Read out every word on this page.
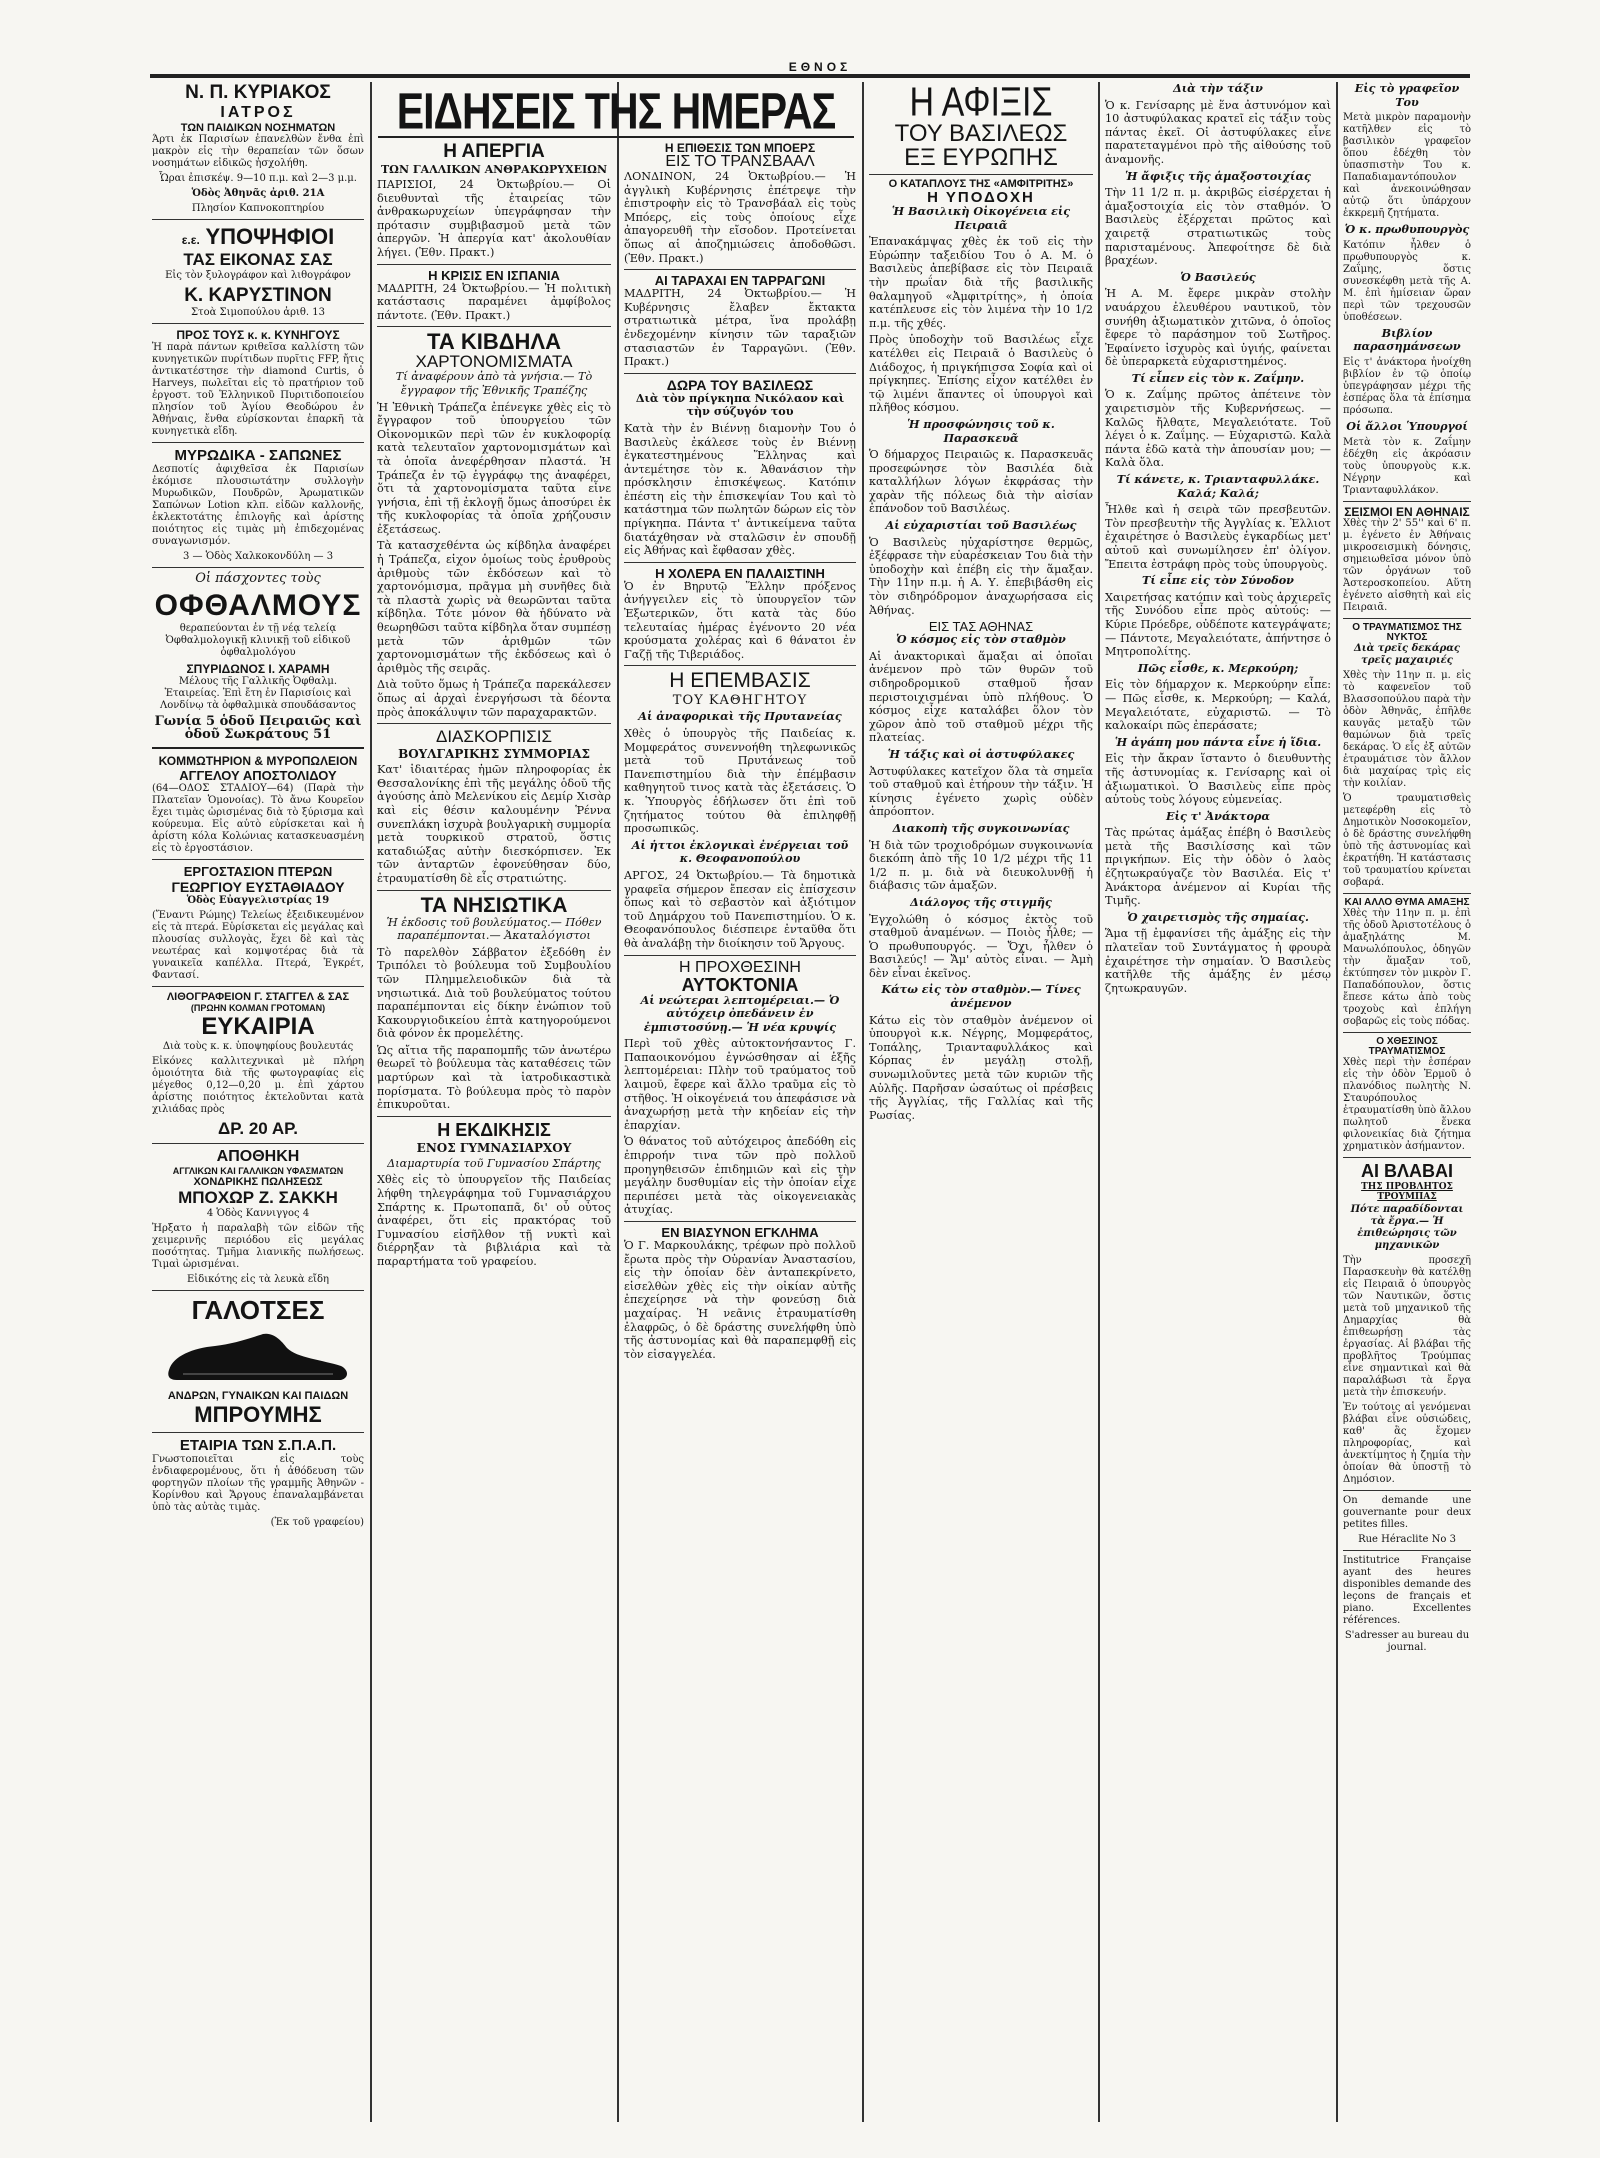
ΕΘΝΟΣ
Ν. Π. ΚΥΡΙΑΚΟΣ
ΙΑΤΡΟΣ
ΤΩΝ ΠΑΙΔΙΚΩΝ ΝΟΣΗΜΑΤΩΝ

Άρτι ἐκ Παρισίων ἐπανελθὼν ἔνθα ἐπὶ μακρὸν εἰς τὴν θεραπείαν τῶν ὅσων νοσημάτων εἰδικῶς ἠσχολήθη.

Ὧραι ἐπισκέψ. 9—10 π.μ. καὶ 2—3 μ.μ.

Ὁδὸς Ἀθηνᾶς ἀριθ. 21Α

Πλησίον Καπνοκοπτηρίου

ε.ε. ΥΠΟΨΗΦΙΟΙ
ΤΑΣ ΕΙΚΟΝΑΣ ΣΑΣ

Εἰς τὸν ξυλογράφον καὶ λιθογράφον

Κ. ΚΑΡΥΣΤΙΝΟΝ

Στοὰ Σιμοπούλου ἀριθ. 13

ΠΡΟΣ ΤΟΥΣ κ. κ. ΚΥΝΗΓΟΥΣ

Ἡ παρὰ πάντων κριθεῖσα καλλίστη τῶν κυνηγετικῶν πυρίτιδων πυρῖτις FFP, ἤτις ἀντικατέστησε τὴν diamond Curtis, ὁ Harveys, πωλεῖται εἰς τὸ πρατήριον τοῦ ἐργοστ. τοῦ Ἑλληνικοῦ Πυριτιδοποιείου πλησίον τοῦ Ἁγίου Θεοδώρου ἐν Ἀθήναις, ἔνθα εὑρίσκονται ἐπαρκῆ τὰ κυνηγετικὰ εἴδη.

ΜΥΡΩΔΙΚΑ - ΣΑΠΩΝΕΣ

Δεσποτίς ἀφιχθεῖσα ἐκ Παρισίων ἐκόμισε πλουσιωτάτην συλλογὴν Μυρωδικῶν, Πουδρῶν, Ἀρωματικῶν Σαπώνων Lotion κλπ. εἰδῶν καλλονῆς, ἐκλεκτοτάτης ἐπιλογῆς καὶ ἀρίστης ποιότητος εἰς τιμὰς μὴ ἐπιδεχομένας συναγωνισμόν.

3 — Ὁδὸς Χαλκοκονδύλη — 3

Οἱ πάσχοντες τοὺς

ΟΦΘΑΛΜΟΥΣ

θεραπεύονται ἐν τῇ νέᾳ τελείᾳ Ὀφθαλμολογικῇ κλινικῇ τοῦ εἰδικοῦ ὀφθαλμολόγου

ΣΠΥΡΙΔΩΝΟΣ Ι. ΧΑΡΑΜΗ

Μέλους τῆς Γαλλικῆς Ὀφθαλμ. Ἑταιρείας. Ἐπὶ ἔτη ἐν Παρισίοις καὶ Λονδίνῳ τὰ ὀφθαλμικὰ σπουδάσαντος

Γωνία 5 ὁδοῦ Πειραιῶς καὶ ὁδοῦ Σωκράτους 51

ΚΟΜΜΩΤΗΡΙΟΝ & ΜΥΡΟΠΩΛΕΙΟΝ
ΑΓΓΕΛΟΥ ΑΠΟΣΤΟΛΙΔΟΥ

(64—ΟΔΟΣ ΣΤΑΔΙΟΥ—64) (Παρὰ τὴν Πλατεῖαν Ὁμονοίας). Τὸ ἄνω Κουρεῖον ἔχει τιμὰς ὡρισμένας διὰ τὸ ξύρισμα καὶ κούρευμα. Εἰς αὐτὸ εὑρίσκεται καὶ ἡ ἀρίστη κόλα Κολώνιας κατασκευασμένη εἰς τὸ ἐργοστάσιον.

ΕΡΓΟΣΤΑΣΙΟΝ ΠΤΕΡΩΝ
ΓΕΩΡΓΙΟΥ ΕΥΣΤΑΘΙΑΔΟΥ

Ὁδὸς Εὐαγγελιστρίας 19

(Ἔναντι Ρώμης) Τελείως ἐξειδικευμένον εἰς τὰ πτερά. Εὑρίσκεται εἰς μεγάλας καὶ πλουσίας συλλογὰς, ἔχει δὲ καὶ τὰς νεωτέρας καὶ κομψοτέρας διὰ τὰ γυναικεῖα καπέλλα. Πτερά, Ἐγκρέτ, Φαντασί.

ΛΙΘΟΓΡΑΦΕΙΟΝ Γ. ΣΤΑΓΓΕΛ & ΣΑΣ
(ΠΡΩΗΝ ΚΟΛΜΑΝ ΓΡΟΤΟΜΑΝ)
ΕΥΚΑΙΡΙΑ

Διὰ τοὺς κ. κ. ὑποψηφίους βουλευτάς

Εἰκόνες καλλιτεχνικαὶ μὲ πλήρη ὁμοιότητα διὰ τῆς φωτογραφίας εἰς μέγεθος 0,12—0,20 μ. ἐπὶ χάρτου ἀρίστης ποιότητος ἐκτελοῦνται κατὰ χιλιάδας πρὸς

ΔΡ. 20 ΑΡ.
ΑΠΟΘΗΚΗ
ΑΓΓΛΙΚΩΝ ΚΑΙ ΓΑΛΛΙΚΩΝ ΥΦΑΣΜΑΤΩΝ
ΧΟΝΔΡΙΚΗΣ ΠΩΛΗΣΕΩΣ
ΜΠΟΧΩΡ Ζ. ΣΑΚΚΗ

4 Ὁδὸς Καννιγγος 4

Ἠρξατο ἡ παραλαβὴ τῶν εἰδῶν τῆς χειμερινῆς περιόδου εἰς μεγάλας ποσότητας. Τμῆμα λιανικῆς πωλήσεως. Τιμαὶ ὡρισμέναι.

Εἰδικότης εἰς τὰ λευκὰ εἴδη

ΓΑΛΟΤΣΕΣ
ΑΝΔΡΩΝ, ΓΥΝΑΙΚΩΝ ΚΑΙ ΠΑΙΔΩΝ
ΜΠΡΟΥΜΗΣ
ΕΤΑΙΡΙΑ ΤΩΝ Σ.Π.Α.Π.

Γνωστοποιεῖται εἰς τοὺς ἐνδιαφερομένους, ὅτι ἡ ἀθόδευση τῶν φορτηγῶν πλοίων τῆς γραμμῆς Ἀθηνῶν - Κορίνθου καὶ Ἄργους ἐπαναλαμβάνεται ὑπὸ τὰς αὐτὰς τιμὰς.

(Ἐκ τοῦ γραφείου)

ΕΙΔΗΣΕΙΣ ΤΗΣ ΗΜΕΡΑΣ
Η ΑΠΕΡΓΙΑ
ΤΩΝ ΓΑΛΛΙΚΩΝ ΑΝΘΡΑΚΩΡΥΧΕΙΩΝ

ΠΑΡΙΣΙΟΙ, 24 Ὀκτωβρίου.— Οἱ διευθυνταὶ τῆς ἐταιρείας τῶν ἀνθρακωρυχείων ὑπεγράφησαν τὴν πρότασιν συμβιβασμοῦ μετὰ τῶν ἀπεργῶν. Ἡ ἀπεργία κατ' ἀκολουθίαν λήγει. (Ἐθν. Πρακτ.)

Η ΚΡΙΣΙΣ ΕΝ ΙΣΠΑΝΙΑ

ΜΑΔΡΙΤΗ, 24 Ὀκτωβρίου.— Ἡ πολιτικὴ κατάστασις παραμένει ἀμφίβολος πάντοτε. (Ἐθν. Πρακτ.)

ΤΑ ΚΙΒΔΗΛΑ
ΧΑΡΤΟΝΟΜΙΣΜΑΤΑ

Τί ἀναφέρουν ἀπὸ τὰ γνήσια.— Τὸ ἔγγραφον τῆς Ἐθνικῆς Τραπέζης

Ἡ Ἐθνικὴ Τράπεζα ἐπένεγκε χθὲς εἰς τὸ ἔγγραφον τοῦ ὑπουργείου τῶν Οἰκονομικῶν περὶ τῶν ἐν κυκλοφορίᾳ κατὰ τελευταῖον χαρτονομισμάτων καὶ τὰ ὁποῖα ἀνεφέρθησαν πλαστά. Ἡ Τράπεζα ἐν τῷ ἐγγράφῳ της ἀναφέρει, ὅτι τὰ χαρτονομίσματα ταῦτα εἶνε γνήσια, ἐπὶ τῇ ἐκλογῇ ὅμως ἀποσύρει ἐκ τῆς κυκλοφορίας τὰ ὁποῖα χρήζουσιν ἐξετάσεως.

Τὰ κατασχεθέντα ὡς κίβδηλα ἀναφέρει ἡ Τράπεζα, εἰχον ὁμοίως τοὺς ἐρυθροὺς ἀριθμοὺς τῶν ἐκδόσεων καὶ τὸ χαρτονόμισμα, πρᾶγμα μὴ συνῆθες διὰ τὰ πλαστὰ χωρὶς νὰ θεωρῶνται ταῦτα κίβδηλα. Τότε μόνον θὰ ἠδύνατο νὰ θεωρηθῶσι ταῦτα κίβδηλα ὅταν συμπέσῃ μετὰ τῶν ἀριθμῶν τῶν χαρτονομισμάτων τῆς ἐκδόσεως καὶ ὁ ἀριθμὸς τῆς σειρᾶς.

Διὰ τοῦτο ὅμως ἡ Τράπεζα παρεκάλεσεν ὅπως αἱ ἀρχαὶ ἐνεργήσωσι τὰ δέοντα πρὸς ἀποκάλυψιν τῶν παραχαρακτῶν.

ΔΙΑΣΚΟΡΠΙΣΙΣ
ΒΟΥΛΓΑΡΙΚΗΣ ΣΥΜΜΟΡΙΑΣ

Κατ' ἰδιαιτέρας ἡμῶν πληροφορίας ἐκ Θεσσαλονίκης ἐπὶ τῆς μεγάλης ὁδοῦ τῆς ἀγούσης ἀπὸ Μελενίκου εἰς Δεμίρ Χισὰρ καὶ εἰς θέσιν καλουμένην Ῥέννα συνεπλάκη ἰσχυρὰ βουλγαρικὴ συμμορία μετὰ τουρκικοῦ στρατοῦ, ὅστις καταδιώξας αὐτὴν διεσκόρπισεν. Ἐκ τῶν ἀνταρτῶν ἐφονεύθησαν δύο, ἐτραυματίσθη δὲ εἷς στρατιώτης.

ΤΑ ΝΗΣΙΩΤΙΚΑ

Ἡ ἐκδοσις τοῦ βουλεύματος.— Πόθεν παραπέμπονται.— Ἀκαταλόγιστοι

Τὸ παρελθὸν Σάββατον ἐξεδόθη ἐν Τριπόλει τὸ βούλευμα τοῦ Συμβουλίου τῶν Πλημμελειοδικῶν διὰ τὰ νησιωτικά. Διὰ τοῦ βουλεύματος τούτου παραπέμπονται εἰς δίκην ἐνώπιον τοῦ Κακουργιοδικείου ἐπτὰ κατηγορούμενοι διὰ φόνον ἐκ προμελέτης.

Ὡς αἴτια τῆς παραπομπῆς τῶν ἀνωτέρω θεωρεῖ τὸ βούλευμα τὰς καταθέσεις τῶν μαρτύρων καὶ τὰ ἰατροδικαστικὰ πορίσματα. Τὸ βούλευμα πρὸς τὸ παρὸν ἐπικυροῦται.

Η ΕΚΔΙΚΗΣΙΣ
ΕΝΟΣ ΓΥΜΝΑΣΙΑΡΧΟΥ

Διαμαρτυρία τοῦ Γυμνασίου Σπάρτης

Χθὲς εἰς τὸ ὑπουργεῖον τῆς Παιδείας λήφθη τηλεγράφημα τοῦ Γυμνασιάρχου Σπάρτης κ. Πρωτοπαπᾶ, δι' οὗ οὗτος ἀναφέρει, ὅτι εἰς πρακτόρας τοῦ Γυμνασίου εἰσῆλθον τῇ νυκτὶ καὶ διέρρηξαν τὰ βιβλιάρια καὶ τὰ παραρτήματα τοῦ γραφείου.

Η ΕΠΙΘΕΣΙΣ ΤΩΝ ΜΠΟΕΡΣ
ΕΙΣ ΤΟ ΤΡΑΝΣΒΑΑΛ

ΛΟΝΔΙΝΟΝ, 24 Ὀκτωβρίου.— Ἡ ἀγγλικὴ Κυβέρνησις ἐπέτρεψε τὴν ἐπιστροφὴν εἰς τὸ Τρανσβάαλ εἰς τοὺς Μπόερς, εἰς τοὺς ὁποίους εἶχε ἀπαγορευθῆ τὴν εἴσοδον. Προτείνεται ὅπως αἱ ἀποζημιώσεις ἀποδοθῶσι. (Ἐθν. Πρακτ.)

ΑΙ ΤΑΡΑΧΑΙ ΕΝ ΤΑΡΡΑΓΩΝΙ

ΜΑΔΡΙΤΗ, 24 Ὀκτωβρίου.— Ἡ Κυβέρνησις ἔλαβεν ἔκτακτα στρατιωτικὰ μέτρα, ἵνα προλάβῃ ἐνδεχομένην κίνησιν τῶν ταραξιῶν στασιαστῶν ἐν Ταρραγῶνι. (Ἐθν. Πρακτ.)

ΔΩΡΑ ΤΟΥ ΒΑΣΙΛΕΩΣ

Διὰ τὸν πρίγκηπα Νικόλαον καὶ τὴν σύζυγόν του

Κατὰ τὴν ἐν Βιέννῃ διαμονὴν Του ὁ Βασιλεὺς ἐκάλεσε τοὺς ἐν Βιέννῃ ἐγκατεστημένους Ἕλληνας καὶ ἀντεμέτησε τὸν κ. Ἀθανάσιον τὴν πρόσκλησιν ἐπισκέψεως. Κατόπιν ἐπέστη εἰς τὴν ἐπισκεψίαν Του καὶ τὸ κατάστημα τῶν πωλητῶν δώρων εἰς τὸν πρίγκηπα. Πάντα τ' ἀντικείμενα ταῦτα διατάχθησαν νὰ σταλῶσιν ἐν σπουδῇ εἰς Ἀθήνας καὶ ἔφθασαν χθὲς.

Η ΧΟΛΕΡΑ ΕΝ ΠΑΛΑΙΣΤΙΝΗ

Ὁ ἐν Βηρυτῷ Ἕλλην πρόξενος ἀνήγγειλεν εἰς τὸ ὑπουργεῖον τῶν Ἐξωτερικῶν, ὅτι κατὰ τὰς δύο τελευταίας ἡμέρας ἐγένοντο 20 νέα κρούσματα χολέρας καὶ 6 θάνατοι ἐν Γαζῇ τῆς Τιβεριάδος.

Η ΕΠΕΜΒΑΣΙΣ
ΤΟΥ ΚΑΘΗΓΗΤΟΥ

Αἱ ἀναφορικαὶ τῆς Πρυτανείας

Χθὲς ὁ ὑπουργὸς τῆς Παιδείας κ. Μομφεράτος συνεννοήθη τηλεφωνικῶς μετὰ τοῦ Πρυτάνεως τοῦ Πανεπιστημίου διὰ τὴν ἐπέμβασιν καθηγητοῦ τινος κατὰ τὰς ἐξετάσεις. Ὁ κ. Ὑπουργὸς ἐδήλωσεν ὅτι ἐπὶ τοῦ ζητήματος τούτου θὰ ἐπιληφθῇ προσωπικῶς.

Αἱ ἡττοι ἐκλογικαὶ ἐνέργειαι τοῦ κ. Θεοφανοπούλου

ΑΡΓΟΣ, 24 Ὀκτωβρίου.— Τὰ δημοτικὰ γραφεῖα σήμερον ἔπεσαν εἰς ἐπίσχεσιν ὅπως καὶ τὸ σεβαστὸν καὶ ἀξιότιμον τοῦ Δημάρχου τοῦ Πανεπιστημίου. Ὁ κ. Θεοφανόπουλος διέσπειρε ἐνταῦθα ὅτι θὰ ἀναλάβῃ τὴν διοίκησιν τοῦ Ἄργους.

Η ΠΡΟΧΘΕΣΙΝΗ
ΑΥΤΟΚΤΟΝΙΑ

Αἱ νεώτεραι λεπτομέρειαι.— Ὁ αὐτόχειρ ὀπεδάνειν ἐν ἐμπιστοσύνῃ.— Ἡ νέα κρυψίς

Περὶ τοῦ χθὲς αὐτοκτονήσαντος Γ. Παπαοικονόμου ἐγνώσθησαν αἱ ἑξῆς λεπτομέρειαι: Πλὴν τοῦ τραύματος τοῦ λαιμοῦ, ἔφερε καὶ ἄλλο τραῦμα εἰς τὸ στῆθος. Ἡ οἰκογένειά του ἀπεφάσισε νὰ ἀναχωρήσῃ μετὰ τὴν κηδείαν εἰς τὴν ἐπαρχίαν.

Ὁ θάνατος τοῦ αὐτόχειρος ἀπεδόθη εἰς ἐπιρροήν τινα τῶν πρὸ πολλοῦ προηγηθεισῶν ἐπιδημιῶν καὶ εἰς τὴν μεγάλην δυσθυμίαν εἰς τὴν ὁποίαν εἶχε περιπέσει μετὰ τὰς οἰκογενειακὰς ἀτυχίας.

ΕΝ ΒΙΑΣΥΝΟΝ ΕΓΚΛΗΜΑ

Ὁ Γ. Μαρκουλάκης, τρέφων πρὸ πολλοῦ ἔρωτα πρὸς τὴν Οὐρανίαν Ἀναστασίου, εἰς τὴν ὁποίαν δὲν ἀνταπεκρίνετο, εἰσελθὼν χθὲς εἰς τὴν οἰκίαν αὐτῆς ἐπεχείρησε νὰ τὴν φονεύσῃ διὰ μαχαίρας. Ἡ νεᾶνις ἐτραυματίσθη ἐλαφρῶς, ὁ δὲ δράστης συνελήφθη ὑπὸ τῆς ἀστυνομίας καὶ θὰ παραπεμφθῇ εἰς τὸν εἰσαγγελέα.

Η ΑΦΙΞΙΣ
ΤΟΥ ΒΑΣΙΛΕΩΣ
ΕΞ ΕΥΡΩΠΗΣ
Ο ΚΑΤΑΠΛΟΥΣ ΤΗΣ «ΑΜΦΙΤΡΙΤΗΣ»
Η ΥΠΟΔΟΧΗ

Ἡ Βασιλικὴ Οἰκογένεια εἰς Πειραιᾶ

Ἐπανακάμψας χθὲς ἐκ τοῦ εἰς τὴν Εὐρώπην ταξειδίου Του ὁ Α. Μ. ὁ Βασιλεὺς ἀπεβίβασε εἰς τὸν Πειραιᾶ τὴν πρωΐαν διὰ τῆς βασιλικῆς θαλαμηγοῦ «Ἀμφιτρίτης», ἡ ὁποία κατέπλευσε εἰς τὸν λιμένα τὴν 10 1/2 π.μ. τῆς χθές.

Πρὸς ὑποδοχὴν τοῦ Βασιλέως εἶχε κατέλθει εἰς Πειραιᾶ ὁ Βασιλεὺς ὁ Διάδοχος, ἡ πριγκήπισσα Σοφία καὶ οἱ πρίγκηπες. Ἐπίσης εἶχον κατέλθει ἐν τῷ λιμένι ἅπαντες οἱ ὑπουργοὶ καὶ πλῆθος κόσμου.

Ἡ προσφώνησις τοῦ κ. Παρασκευᾶ

Ὁ δήμαρχος Πειραιῶς κ. Παρασκευᾶς προσεφώνησε τὸν Βασιλέα διὰ καταλλήλων λόγων ἐκφράσας τὴν χαρὰν τῆς πόλεως διὰ τὴν αἰσίαν ἐπάνοδον τοῦ Βασιλέως.

Αἱ εὐχαριστίαι τοῦ Βασιλέως

Ὁ Βασιλεὺς ηὐχαρίστησε θερμῶς, ἐξέφρασε τὴν εὐαρέσκειαν Του διὰ τὴν ὑποδοχὴν καὶ ἐπέβη εἰς τὴν ἅμαξαν. Τὴν 11ην π.μ. ἡ Α. Υ. ἐπεβιβάσθη εἰς τὸν σιδηρόδρομον ἀναχωρήσασα εἰς Ἀθήνας.

ΕΙΣ ΤΑΣ ΑΘΗΝΑΣ

Ὁ κόσμος εἰς τὸν σταθμὸν

Αἱ ἀνακτορικαὶ ἅμαξαι αἱ ὁποῖαι ἀνέμενον πρὸ τῶν θυρῶν τοῦ σιδηροδρομικοῦ σταθμοῦ ἦσαν περιστοιχισμέναι ὑπὸ πλήθους. Ὁ κόσμος εἶχε καταλάβει ὅλον τὸν χῶρον ἀπὸ τοῦ σταθμοῦ μέχρι τῆς πλατείας.

Ἡ τάξις καὶ οἱ ἀστυφύλακες

Ἀστυφύλακες κατεῖχον ὅλα τὰ σημεῖα τοῦ σταθμοῦ καὶ ἐτήρουν τὴν τάξιν. Ἡ κίνησις ἐγένετο χωρὶς οὐδὲν ἀπρόοπτον.

Διακοπὴ τῆς συγκοινωνίας

Ἡ διὰ τῶν τροχιοδρόμων συγκοινωνία διεκόπη ἀπὸ τῆς 10 1/2 μέχρι τῆς 11 1/2 π. μ. διὰ νὰ διευκολυνθῇ ἡ διάβασις τῶν ἀμαξῶν.

Διάλογος τῆς στιγμῆς

Ἐγχολώθη ὁ κόσμος ἐκτὸς τοῦ σταθμοῦ ἀναμένων. — Ποιὸς ἦλθε; — Ὁ πρωθυπουργός. — Ὄχι, ἦλθεν ὁ Βασιλεύς! — Ἄμ' αὐτὸς εἶναι. — Ἀμὴ δὲν εἶναι ἐκεῖνος.

Κάτω εἰς τὸν σταθμὸν.— Τίνες ἀνέμενον

Κάτω εἰς τὸν σταθμὸν ἀνέμενον οἱ ὑπουργοὶ κ.κ. Νέγρης, Μομφεράτος, Τοπάλης, Τριανταφυλλάκος καὶ Κόρπας ἐν μεγάλῃ στολῇ, συνωμιλοῦντες μετὰ τῶν κυριῶν τῆς Αὐλῆς. Παρῆσαν ὡσαύτως οἱ πρέσβεις τῆς Ἀγγλίας, τῆς Γαλλίας καὶ τῆς Ρωσίας.

Διὰ τὴν τάξιν

Ὁ κ. Γενίσαρης μὲ ἕνα ἀστυνόμον καὶ 10 ἀστυφύλακας κρατεῖ εἰς τάξιν τοὺς πάντας ἐκεῖ. Οἱ ἀστυφύλακες εἶνε παρατεταγμένοι πρὸ τῆς αἰθούσης τοῦ ἀναμονῆς.

Ἡ ἄφιξις τῆς ἁμαξοστοιχίας

Τὴν 11 1/2 π. μ. ἀκριβῶς εἰσέρχεται ἡ ἁμαξοστοιχία εἰς τὸν σταθμόν. Ὁ Βασιλεὺς ἐξέρχεται πρῶτος καὶ χαιρετᾷ στρατιωτικῶς τοὺς παρισταμένους. Ἀπεφοίτησε δὲ διὰ βραχέων.

Ὁ Βασιλεύς

Ἡ Α. Μ. ἔφερε μικρὰν στολὴν ναυάρχου ἐλευθέρου ναυτικοῦ, τὸν συνήθη ἀξιωματικὸν χιτῶνα, ὁ ὁποῖος ἔφερε τὸ παράσημον τοῦ Σωτῆρος. Ἐφαίνετο ἰσχυρὸς καὶ ὑγιής, φαίνεται δὲ ὑπεραρκετὰ εὐχαριστημένος.

Τί εἶπεν εἰς τὸν κ. Ζαΐμην.

Ὁ κ. Ζαΐμης πρῶτος ἀπέτεινε τὸν χαιρετισμὸν τῆς Κυβερνήσεως. — Καλῶς ἤλθατε, Μεγαλειότατε. Τοῦ λέγει ὁ κ. Ζαΐμης. — Εὐχαριστῶ. Καλὰ πάντα ἐδῶ κατὰ τὴν ἀπουσίαν μου; — Καλὰ ὅλα.

Τί κάνετε, κ. Τριανταφυλλάκε. Καλά; Καλά;

Ἦλθε καὶ ἡ σειρὰ τῶν πρεσβευτῶν. Τὸν πρεσβευτὴν τῆς Ἀγγλίας κ. Ἐλλιοτ ἐχαιρέτησε ὁ Βασιλεὺς ἐγκαρδίως μετ' αὐτοῦ καὶ συνωμίλησεν ἐπ' ὀλίγον. Ἔπειτα ἐστράφη πρὸς τοὺς ὑπουργοὺς.

Τί εἶπε εἰς τὸν Σύνοδον

Χαιρετήσας κατόπιν καὶ τοὺς ἀρχιερεῖς τῆς Συνόδου εἶπε πρὸς αὐτούς: — Κύριε Πρόεδρε, οὐδέποτε κατεγράψατε; — Πάντοτε, Μεγαλειότατε, ἀπήντησε ὁ Μητροπολίτης.

Πῶς εἶσθε, κ. Μερκούρη;

Εἰς τὸν δήμαρχον κ. Μερκούρην εἶπε: — Πῶς εἶσθε, κ. Μερκούρη; — Καλά, Μεγαλειότατε, εὐχαριστῶ. — Τὸ καλοκαίρι πῶς ἐπεράσατε;

Ἡ ἀγάπη μου πάντα εἶνε ἡ ἴδια.

Εἰς τὴν ἄκραν ἵσταντο ὁ διευθυντὴς τῆς ἀστυνομίας κ. Γενίσαρης καὶ οἱ ἀξιωματικοὶ. Ὁ Βασιλεὺς εἶπε πρὸς αὐτοὺς τοὺς λόγους εὐμενείας.

Εἰς τ' Ἀνάκτορα

Τὰς πρώτας ἁμάξας ἐπέβη ὁ Βασιλεὺς μετὰ τῆς Βασιλίσσης καὶ τῶν πριγκήπων. Εἰς τὴν ὁδὸν ὁ λαὸς ἐζητωκραύγαζε τὸν Βασιλέα. Εἰς τ' Ἀνάκτορα ἀνέμενον αἱ Κυρίαι τῆς Τιμῆς.

Ὁ χαιρετισμὸς τῆς σημαίας.

Ἅμα τῇ ἐμφανίσει τῆς ἁμάξης εἰς τὴν πλατεῖαν τοῦ Συντάγματος ἡ φρουρὰ ἐχαιρέτησε τὴν σημαίαν. Ὁ Βασιλεὺς κατῆλθε τῆς ἁμάξης ἐν μέσῳ ζητωκραυγῶν.

Εἰς τὸ γραφεῖον Του

Μετὰ μικρὸν παραμονὴν κατῆλθεν εἰς τὸ βασιλικὸν γραφεῖον ὅπου ἐδέχθη τὸν ὑπασπιστὴν Του κ. Παπαδιαμαντόπουλον καὶ ἀνεκοινώθησαν αὐτῷ ὅτι ὑπάρχουν ἐκκρεμῆ ζητήματα.

Ὁ κ. πρωθυπουργὸς

Κατόπιν ἦλθεν ὁ πρωθυπουργὸς κ. Ζαΐμης, ὅστις συνεσκέφθη μετὰ τῆς Α. Μ. ἐπὶ ἡμίσειαν ὥραν περὶ τῶν τρεχουσῶν ὑποθέσεων.

Βιβλίον παρασημάνσεων

Εἰς τ' ἀνάκτορα ἠνοίχθη βιβλίον ἐν τῷ ὁποίῳ ὑπεγράφησαν μέχρι τῆς ἑσπέρας ὅλα τὰ ἐπίσημα πρόσωπα.

Οἱ ἄλλοι Ὑπουργοί

Μετὰ τὸν κ. Ζαΐμην ἐδέχθη εἰς ἀκρόασιν τοὺς ὑπουργοὺς κ.κ. Νέγρην καὶ Τριανταφυλλάκον.

ΣΕΙΣΜΟΙ ΕΝ ΑΘΗΝΑΙΣ

Χθὲς τὴν 2' 55'' καὶ 6' π. μ. ἐγένετο ἐν Ἀθήναις μικροσεισμικὴ δόνησις, σημειωθεῖσα μόνον ὑπὸ τῶν ὀργάνων τοῦ Ἀστεροσκοπείου. Αὕτη ἐγένετο αἰσθητὴ καὶ εἰς Πειραιᾶ.

Ο ΤΡΑΥΜΑΤΙΣΜΟΣ ΤΗΣ ΝΥΚΤΟΣ

Διὰ τρεῖς δεκάρας τρεῖς μαχαιριές

Χθὲς τὴν 11ην π. μ. εἰς τὸ καφενεῖον τοῦ Βλασσοπούλου παρὰ τὴν ὁδὸν Ἀθηνᾶς, ἐπῆλθε καυγᾶς μεταξὺ τῶν θαμώνων διὰ τρεῖς δεκάρας. Ὁ εἷς ἐξ αὐτῶν ἐτραυμάτισε τὸν ἄλλον διὰ μαχαίρας τρὶς εἰς τὴν κοιλίαν.

Ὁ τραυματισθεὶς μετεφέρθη εἰς τὸ Δημοτικὸν Νοσοκομεῖον, ὁ δὲ δράστης συνελήφθη ὑπὸ τῆς ἀστυνομίας καὶ ἐκρατήθη. Ἡ κατάστασις τοῦ τραυματίου κρίνεται σοβαρά.

ΚΑΙ ΑΛΛΟ ΘΥΜΑ ΑΜΑΞΗΣ

Χθὲς τὴν 11ην π. μ. ἐπὶ τῆς ὁδοῦ Ἀριστοτέλους ὁ ἁμαξηλάτης Μ. Μανωλόπουλος, ὁδηγῶν τὴν ἅμαξαν τοῦ, ἐκτύπησεν τὸν μικρὸν Γ. Παπαδόπουλον, ὅστις ἔπεσε κάτω ἀπὸ τοὺς τροχοὺς καὶ ἐπλήγη σοβαρῶς εἰς τοὺς πόδας.

Ο ΧΘΕΣΙΝΟΣ ΤΡΑΥΜΑΤΙΣΜΟΣ

Χθὲς περὶ τὴν ἑσπέραν εἰς τὴν ὁδὸν Ἑρμοῦ ὁ πλανόδιος πωλητὴς Ν. Σταυρόπουλος ἐτραυματίσθη ὑπὸ ἄλλου πωλητοῦ ἕνεκα φιλονεικίας διὰ ζήτημα χρηματικὸν ἀσήμαντον.

ΑΙ ΒΛΑΒΑΙ
ΤΗΣ ΠΡΟΒΛΗΤΟΣ ΤΡΟΥΜΠΑΣ

Πότε παραδίδονται τὰ ἔργα.— Ἡ ἐπιθεώρησις τῶν μηχανικῶν

Τὴν προσεχῆ Παρασκευὴν θὰ κατέλθῃ εἰς Πειραιᾶ ὁ ὑπουργὸς τῶν Ναυτικῶν, ὅστις μετὰ τοῦ μηχανικοῦ τῆς Δημαρχίας θὰ ἐπιθεωρήσῃ τὰς ἐργασίας. Αἱ βλάβαι τῆς προβλῆτος Τρούμπας εἶνε σημαντικαὶ καὶ θὰ παραλάβωσι τὰ ἔργα μετὰ τὴν ἐπισκευήν.

Ἐν τούτοις αἱ γενόμεναι βλάβαι εἶνε οὐσιώδεις, καθ' ἃς ἔχομεν πληροφορίας, καὶ ἀνεκτίμητος ἡ ζημία τὴν ὁποίαν θὰ ὑποστῇ τὸ Δημόσιον.

On demande une gouvernante pour deux petites filles.

Rue Héraclite No 3

Institutrice Française ayant des heures disponibles demande des leçons de français et piano. Excellentes références.

S'adresser au bureau du journal.
